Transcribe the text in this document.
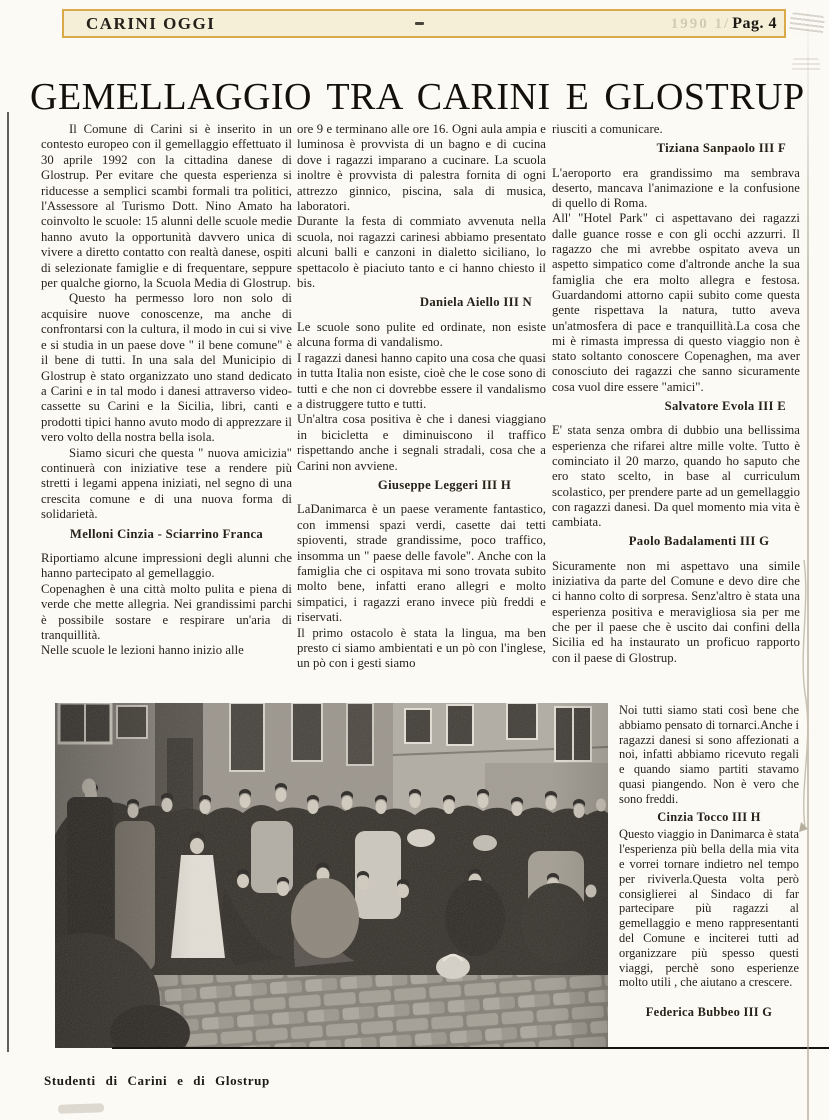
CARINI OGGI	1990 1/ Pag. 4
GEMELLAGGIO TRA CARINI E GLOSTRUP

Il Comune di Carini si è inserito in un contesto europeo con il gemellaggio effettuato il 30 aprile 1992 con la cittadina danese di Glostrup. Per evitare che questa esperienza si riducesse a semplici scambi formali tra politici, l'Assessore al Turismo Dott. Nino Amato ha coinvolto le scuole: 15 alunni delle scuole medie hanno avuto la opportunità davvero unica di vivere a diretto contatto con realtà danese, ospiti di selezionate famiglie e di frequentare, seppure per qualche giorno, la Scuola Media di Glostrup.

Questo ha permesso loro non solo di acquisire nuove conoscenze, ma anche di confrontarsi con la cultura, il modo in cui si vive e si studia in un paese dove " il bene comune" è il bene di tutti. In una sala del Municipio di Glostrup è stato organizzato uno stand dedicato a Carini e in tal modo i danesi attraverso video-cassette su Carini e la Sicilia, libri, canti e prodotti tipici hanno avuto modo di apprezzare il vero volto della nostra bella isola.

Siamo sicuri che questa " nuova amicizia" continuerà con iniziative tese a rendere più stretti i legami appena iniziati, nel segno di una crescita comune e di una nuova forma di solidarietà.

Melloni Cinzia - Sciarrino Franca

Riportiamo alcune impressioni degli alunni che hanno partecipato al gemellaggio.

Copenaghen è una città molto pulita e piena di verde che mette allegria. Nei grandissimi parchi è possibile sostare e respirare un'aria di tranquillità.

Nelle scuole le lezioni hanno inizio alle

ore 9 e terminano alle ore 16. Ogni aula ampia e luminosa è provvista di un bagno e di cucina dove i ragazzi imparano a cucinare. La scuola inoltre è provvista di palestra fornita di ogni attrezzo ginnico, piscina, sala di musica, laboratori.

Durante la festa di commiato avvenuta nella scuola, noi ragazzi carinesi abbiamo presentato alcuni balli e canzoni in dialetto siciliano, lo spettacolo è piaciuto tanto e ci hanno chiesto il bis.

Daniela Aiello III N

Le scuole sono pulite ed ordinate, non esiste alcuna forma di vandalismo.

I ragazzi danesi hanno capito una cosa che quasi in tutta Italia non esiste, cioè che le cose sono di tutti e che non ci dovrebbe essere il vandalismo a distruggere tutto e tutti.

Un'altra cosa positiva è che i danesi viaggiano in bicicletta e diminuiscono il traffico rispettando anche i segnali stradali, cosa che a Carini non avviene.

Giuseppe Leggeri III H

LaDanimarca è un paese veramente fantastico, con immensi spazi verdi, casette dai tetti spioventi, strade grandissime, poco traffico, insomma un " paese delle favole". Anche con la famiglia che ci ospitava mi sono trovata subito molto bene, infatti erano allegri e molto simpatici, i ragazzi erano invece più freddi e riservati.

Il primo ostacolo è stata la lingua, ma ben presto ci siamo ambientati e un pò con l'inglese, un pò con i gesti siamo

riusciti a comunicare.

Tiziana Sanpaolo III F

L'aeroporto era grandissimo ma sembrava deserto, mancava l'animazione e la confusione di quello di Roma.

All' "Hotel Park" ci aspettavano dei ragazzi dalle guance rosse e con gli occhi azzurri. Il ragazzo che mi avrebbe ospitato aveva un aspetto simpatico come d'altronde anche la sua famiglia che era molto allegra e festosa. Guardandomi attorno capii subito come questa gente rispettava la natura, tutto aveva un'atmosfera di pace e tranquillità.La cosa che mi è rimasta impressa di questo viaggio non è stato soltanto conoscere Copenaghen, ma aver conosciuto dei ragazzi che sanno sicuramente cosa vuol dire essere "amici".

Salvatore Evola III E

E' stata senza ombra di dubbio una bellissima esperienza che rifarei altre mille volte. Tutto è cominciato il 20 marzo, quando ho saputo che ero stato scelto, in base al curriculum scolastico, per prendere parte ad un gemellaggio con ragazzi danesi. Da quel momento mia vita è cambiata.

Paolo Badalamenti III G

Sicuramente non mi aspettavo una simile iniziativa da parte del Comune e devo dire che ci hanno colto di sorpresa. Senz'altro è stata una esperienza positiva e meravigliosa sia per me che per il paese che è uscito dai confini della Sicilia ed ha instaurato un proficuo rapporto con il paese di Glostrup.

Noi tutti siamo stati così bene che abbiamo pensato di tornarci.Anche i ragazzi danesi si sono affezionati a noi, infatti abbiamo ricevuto regali e quando siamo partiti stavamo quasi piangendo. Non è vero che sono freddi.

Cinzia Tocco III H

Questo viaggio in Danimarca è stata l'esperienza più bella della mia vita e vorrei tornare indietro nel tempo per riviverla.Questa volta però consiglierei al Sindaco di far partecipare più ragazzi al gemellaggio e meno rappresentanti del Comune e inciterei tutti ad organizzare più spesso questi viaggi, perchè sono esperienze molto utili , che aiutano a crescere.

Federica Bubbeo III G

Studenti di Carini e di Glostrup
